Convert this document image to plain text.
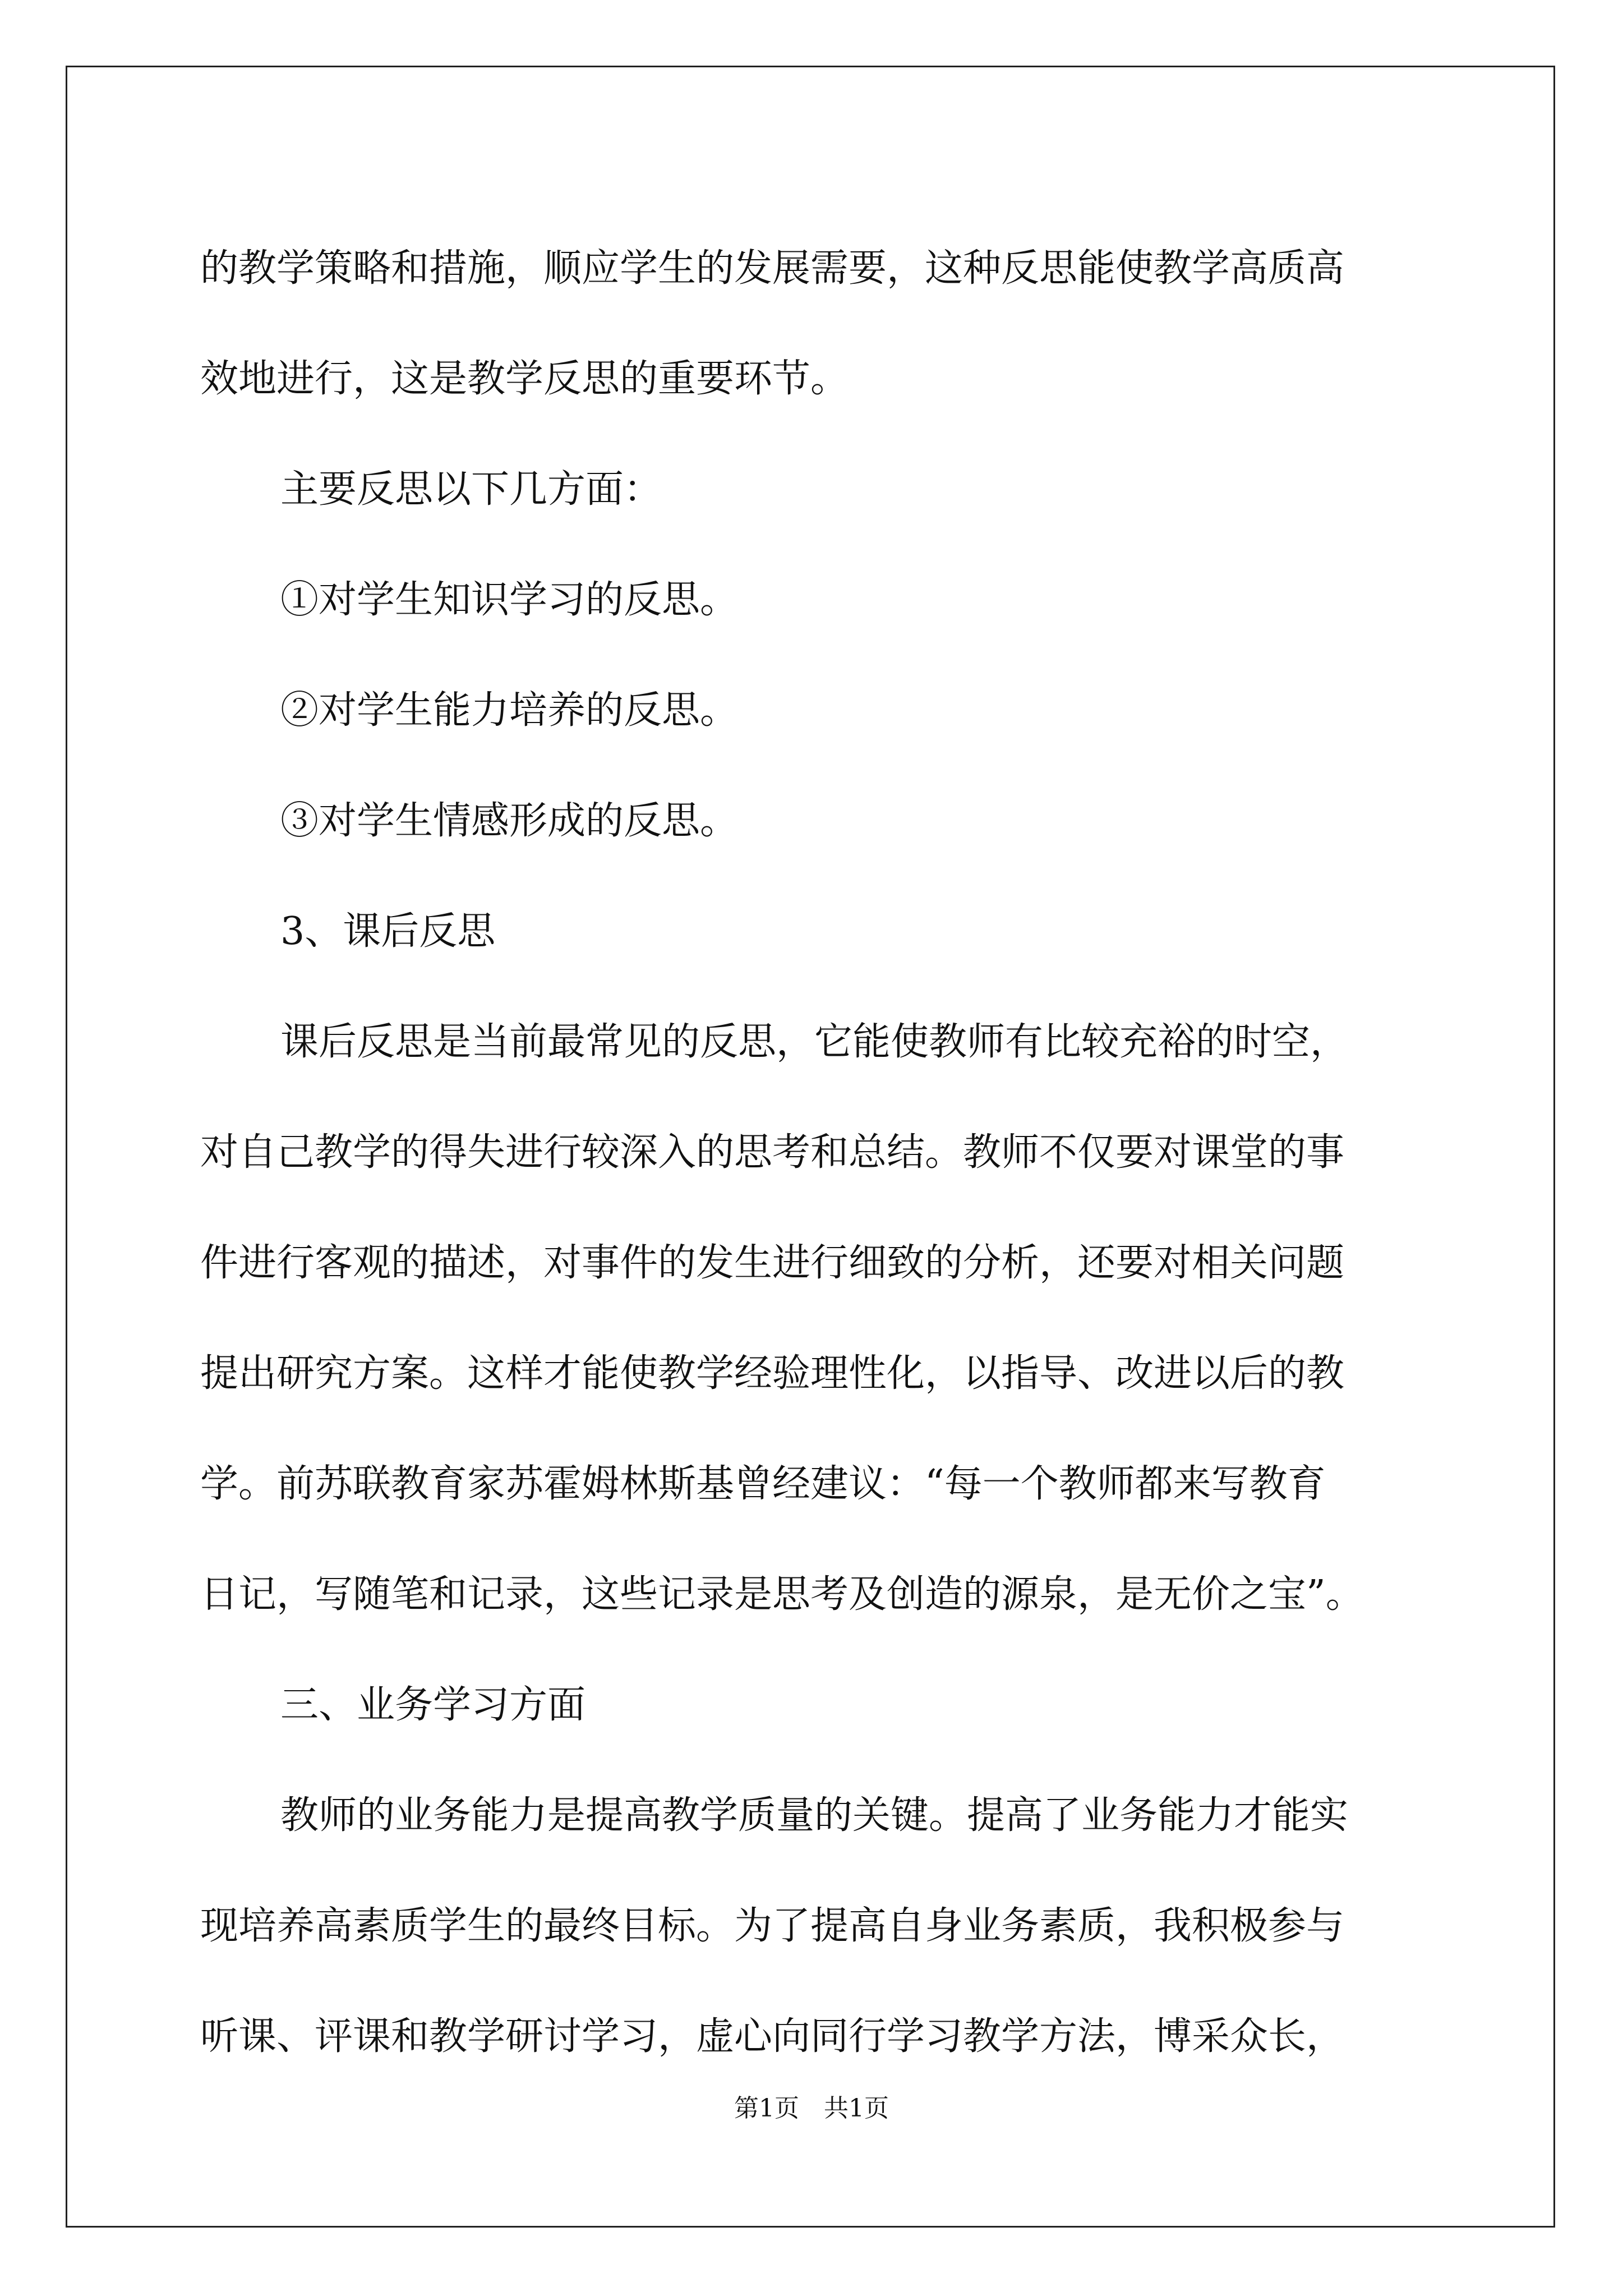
的教学策略和措施，顺应学生的发展需要，这种反思能使教学高质高
效地进行，这是教学反思的重要环节。
主要反思以下几方面：
①对学生知识学习的反思。
②对学生能力培养的反思。
③对学生情感形成的反思。
3、课后反思
课后反思是当前最常见的反思，它能使教师有比较充裕的时空，
对自己教学的得失进行较深入的思考和总结。教师不仅要对课堂的事
件进行客观的描述，对事件的发生进行细致的分析，还要对相关问题
提出研究方案。这样才能使教学经验理性化，以指导、改进以后的教
学。前苏联教育家苏霍姆林斯基曾经建议：“每一个教师都来写教育
日记，写随笔和记录，这些记录是思考及创造的源泉，是无价之宝”。
三、业务学习方面
教师的业务能力是提高教学质量的关键。提高了业务能力才能实
现培养高素质学生的最终目标。为了提高自身业务素质，我积极参与
听课、评课和教学研讨学习，虚心向同行学习教学方法，博采众长，
第1页　共1页
